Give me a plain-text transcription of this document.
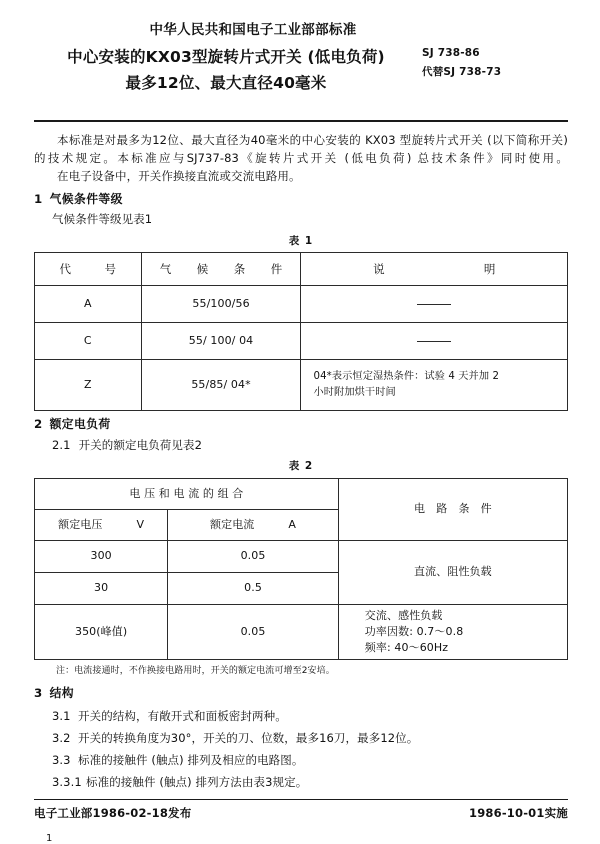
中华人民共和国电子工业部部标准
中心安装的KX03型旋转片式开关 (低电负荷)
最多12位、最大直径40毫米
SJ 738-86
代替SJ 738-73
本标准是对最多为12位、最大直径为40毫米的中心安装的 KX03 型旋转片式开关 (以下简称开关) 的技术规定。本标准应与SJ737-83《旋转片式开关 (低电负荷) 总技术条件》同时使用。
在电子设备中，开关作换接直流或交流电路用。
1 气候条件等级
气候条件等级见表1
表 1
代　号	气　候　条　件	说 明

A	55/100/56	
C	55/ 100/ 04	
Z	55/85/ 04*	04*表示恒定湿热条件：试验 4 天并加 2
小时附加烘干时间
2 额定电负荷
2.1 开关的额定电负荷见表2
表 2
电 压 和 电 流 的 组 合		电　路　条　件

额定电压 V	额定电流 A	

300	0.05	直流、阻性负载
30	0.5	
350(峰值)	0.05	交流、感性负载
功率因数: 0.7～0.8
频率: 40～60Hz
注：电流接通时，不作换接电路用时，开关的额定电流可增至2安培。
3 结构
3.1 开关的结构，有敞开式和面板密封两种。
3.2 开关的转换角度为30°，开关的刀、位数，最多16刀，最多12位。
3.3 标准的接触件 (触点) 排列及相应的电路图。
3.3.1 标准的接触件 (触点) 排列方法由表3规定。
电子工业部1986-02-18发布	1986-10-01实施
1
